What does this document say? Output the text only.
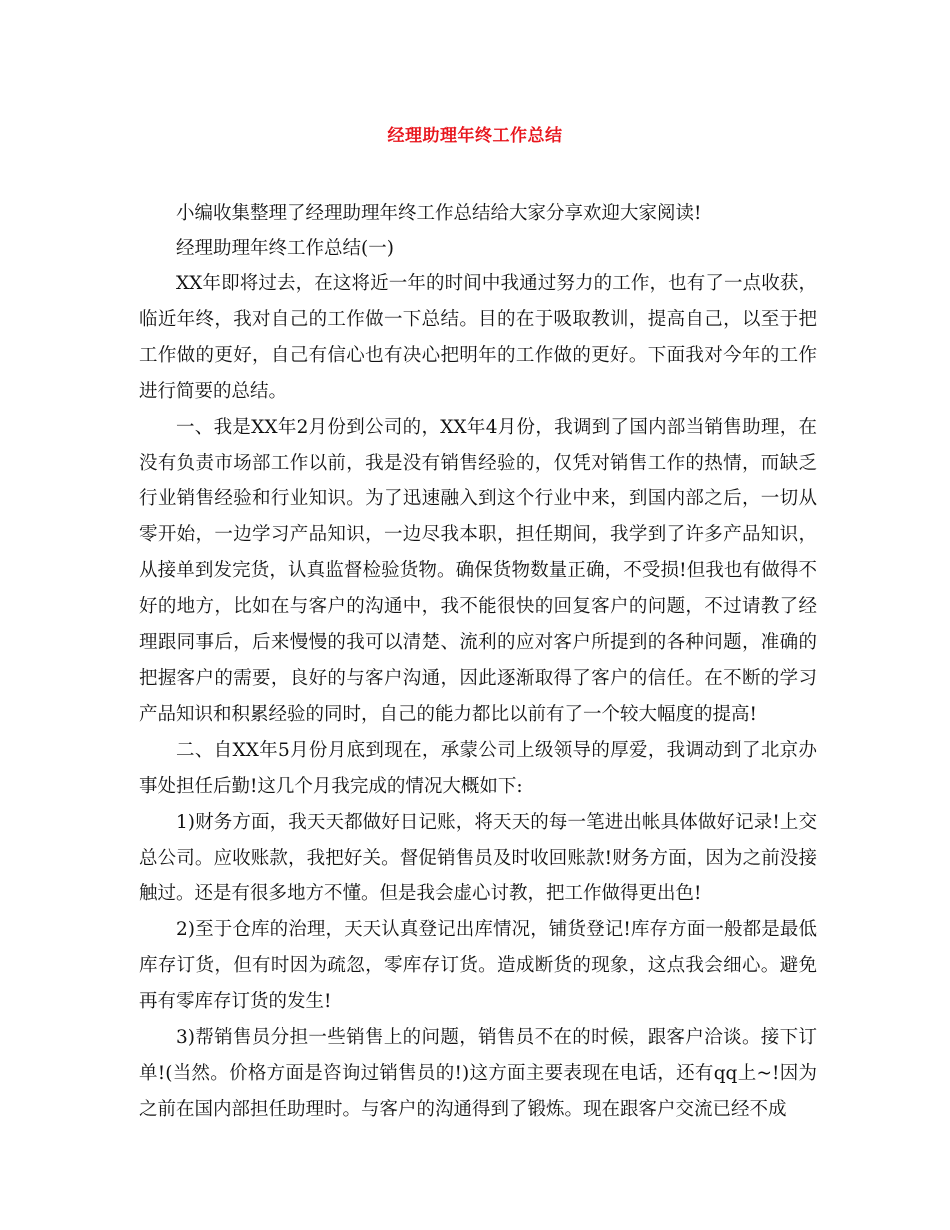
经理助理年终工作总结

小编收集整理了经理助理年终工作总结给大家分享欢迎大家阅读!

经理助理年终工作总结(一)

XX年即将过去，在这将近一年的时间中我通过努力的工作，也有了一点收获，临近年终，我对自己的工作做一下总结。目的在于吸取教训，提高自己，以至于把工作做的更好，自己有信心也有决心把明年的工作做的更好。下面我对今年的工作进行简要的总结。

一、我是XX年2月份到公司的，XX年4月份，我调到了国内部当销售助理，在没有负责市场部工作以前，我是没有销售经验的，仅凭对销售工作的热情，而缺乏行业销售经验和行业知识。为了迅速融入到这个行业中来，到国内部之后，一切从零开始，一边学习产品知识，一边尽我本职，担任期间，我学到了许多产品知识，从接单到发完货，认真监督检验货物。确保货物数量正确，不受损!但我也有做得不好的地方，比如在与客户的沟通中，我不能很快的回复客户的问题，不过请教了经理跟同事后，后来慢慢的我可以清楚、流利的应对客户所提到的各种问题，准确的把握客户的需要，良好的与客户沟通，因此逐渐取得了客户的信任。在不断的学习产品知识和积累经验的同时，自己的能力都比以前有了一个较大幅度的提高!

二、自XX年5月份月底到现在，承蒙公司上级领导的厚爱，我调动到了北京办事处担任后勤!这几个月我完成的情况大概如下:

1)财务方面，我天天都做好日记账，将天天的每一笔进出帐具体做好记录!上交总公司。应收账款，我把好关。督促销售员及时收回账款!财务方面，因为之前没接触过。还是有很多地方不懂。但是我会虚心讨教，把工作做得更出色!

2)至于仓库的治理，天天认真登记出库情况，铺货登记!库存方面一般都是最低库存订货，但有时因为疏忽，零库存订货。造成断货的现象，这点我会细心。避免再有零库存订货的发生!

3)帮销售员分担一些销售上的问题，销售员不在的时候，跟客户洽谈。接下订单!(当然。价格方面是咨询过销售员的!)这方面主要表现在电话，还有qq上~!因为之前在国内部担任助理时。与客户的沟通得到了锻炼。现在跟客户交流已经不成
